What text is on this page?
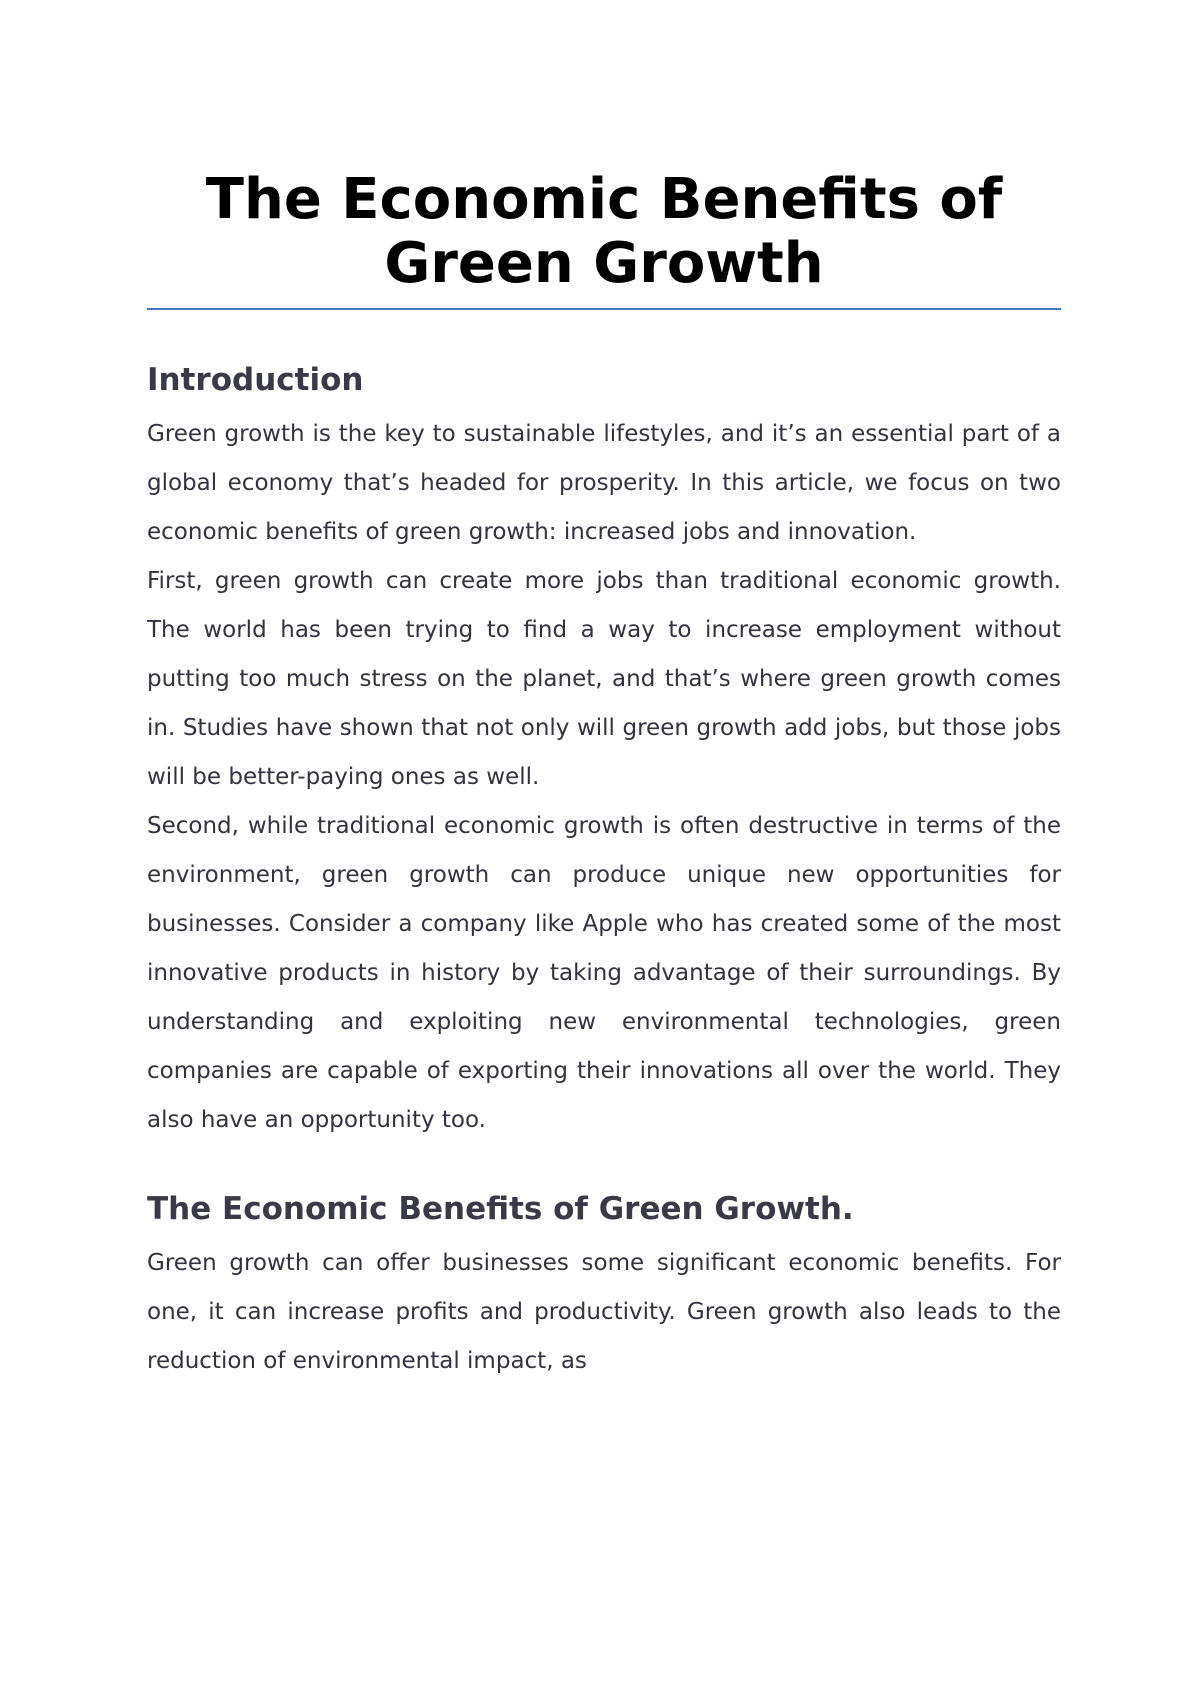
The Economic Benefits of Green Growth
Introduction

Green growth is the key to sustainable lifestyles, and it’s an essential part of a global economy that’s headed for prosperity. In this article, we focus on two economic benefits of green growth: increased jobs and innovation.

First, green growth can create more jobs than traditional economic growth. The world has been trying to find a way to increase employment without putting too much stress on the planet, and that’s where green growth comes in. Studies have shown that not only will green growth add jobs, but those jobs will be better-paying ones as well.

Second, while traditional economic growth is often destructive in terms of the environment, green growth can produce unique new opportunities for businesses. Consider a company like Apple who has created some of the most innovative products in history by taking advantage of their surroundings. By understanding and exploiting new environmental technologies, green companies are capable of exporting their innovations all over the world. They also have an opportunity too.

The Economic Benefits of Green Growth.

Green growth can offer businesses some significant economic benefits. For one, it can increase profits and productivity. Green growth also leads to the reduction of environmental impact, as
